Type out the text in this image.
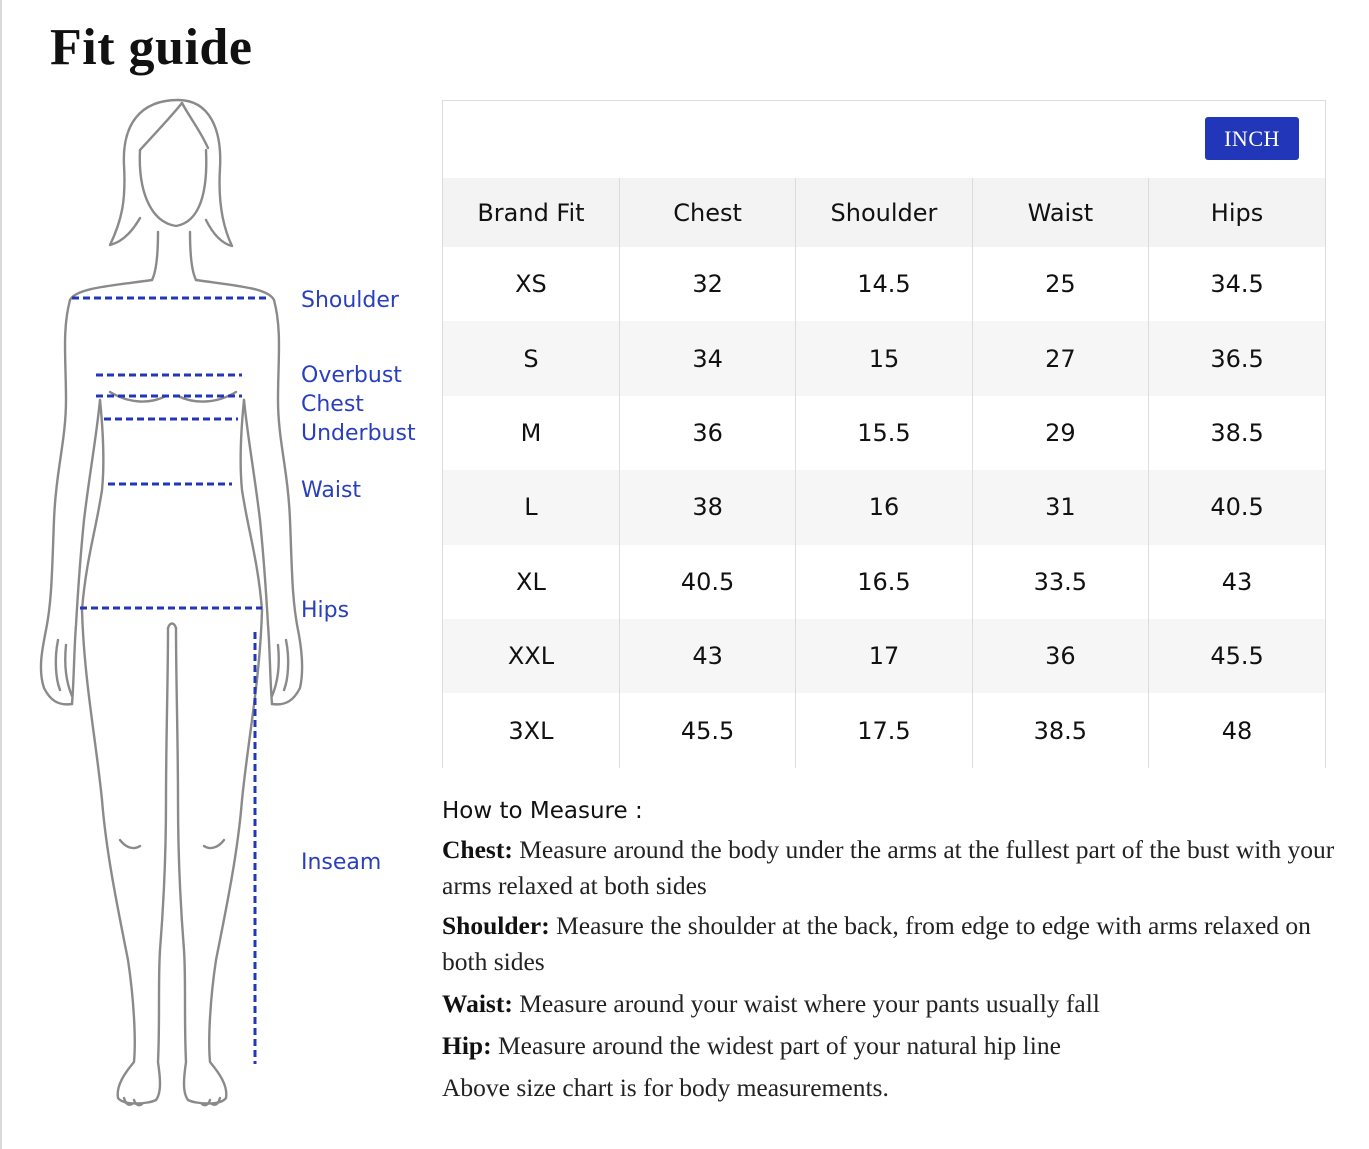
Fit guide
Shoulder
Overbust
Chest
Underbust
Waist
Hips
Inseam
INCH
Brand Fit	Chest	Shoulder	Waist	Hips
XS	32	14.5	25	34.5
S	34	15	27	36.5
M	36	15.5	29	38.5
L	38	16	31	40.5
XL	40.5	16.5	33.5	43
XXL	43	17	36	45.5
3XL	45.5	17.5	38.5	48
How to Measure :

Chest: Measure around the body under the arms at the fullest part of the bust with your arms relaxed at both sides

Shoulder: Measure the shoulder at the back, from edge to edge with arms relaxed on both sides

Waist: Measure around your waist where your pants usually fall

Hip: Measure around the widest part of your natural hip line

Above size chart is for body measurements.
